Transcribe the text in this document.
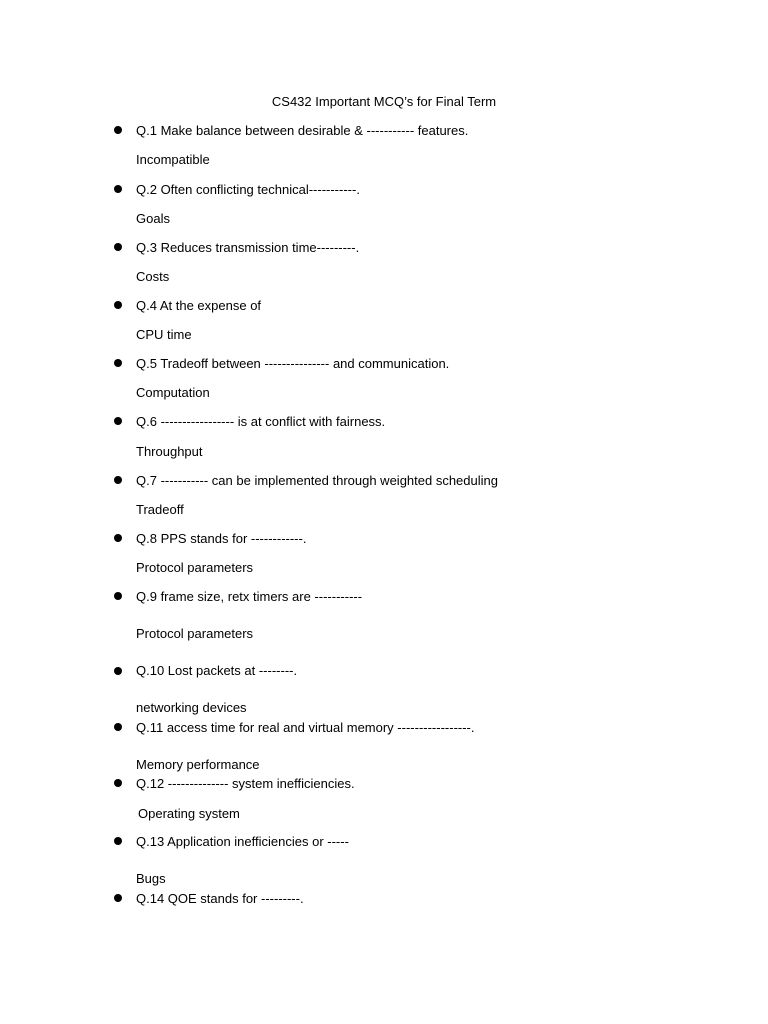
CS432 Important MCQ’s for Final Term
Q.1 Make balance between desirable & ----------- features.
Incompatible
Q.2 Often conflicting technical-----------.
Goals
Q.3 Reduces transmission time---------.
Costs
Q.4 At the expense of
CPU time
Q.5 Tradeoff between --------------- and communication.
Computation
Q.6 ----------------- is at conflict with fairness.
Throughput
Q.7 ----------- can be implemented through weighted scheduling
Tradeoff
Q.8 PPS stands for ------------.
Protocol parameters
Q.9 frame size, retx timers are -----------
Protocol parameters
Q.10 Lost packets at --------.
networking devices
Q.11 access time for real and virtual memory -----------------.
Memory performance
Q.12 -------------- system inefficiencies.
Operating system
Q.13 Application inefficiencies or -----
Bugs
Q.14 QOE stands for ---------.
